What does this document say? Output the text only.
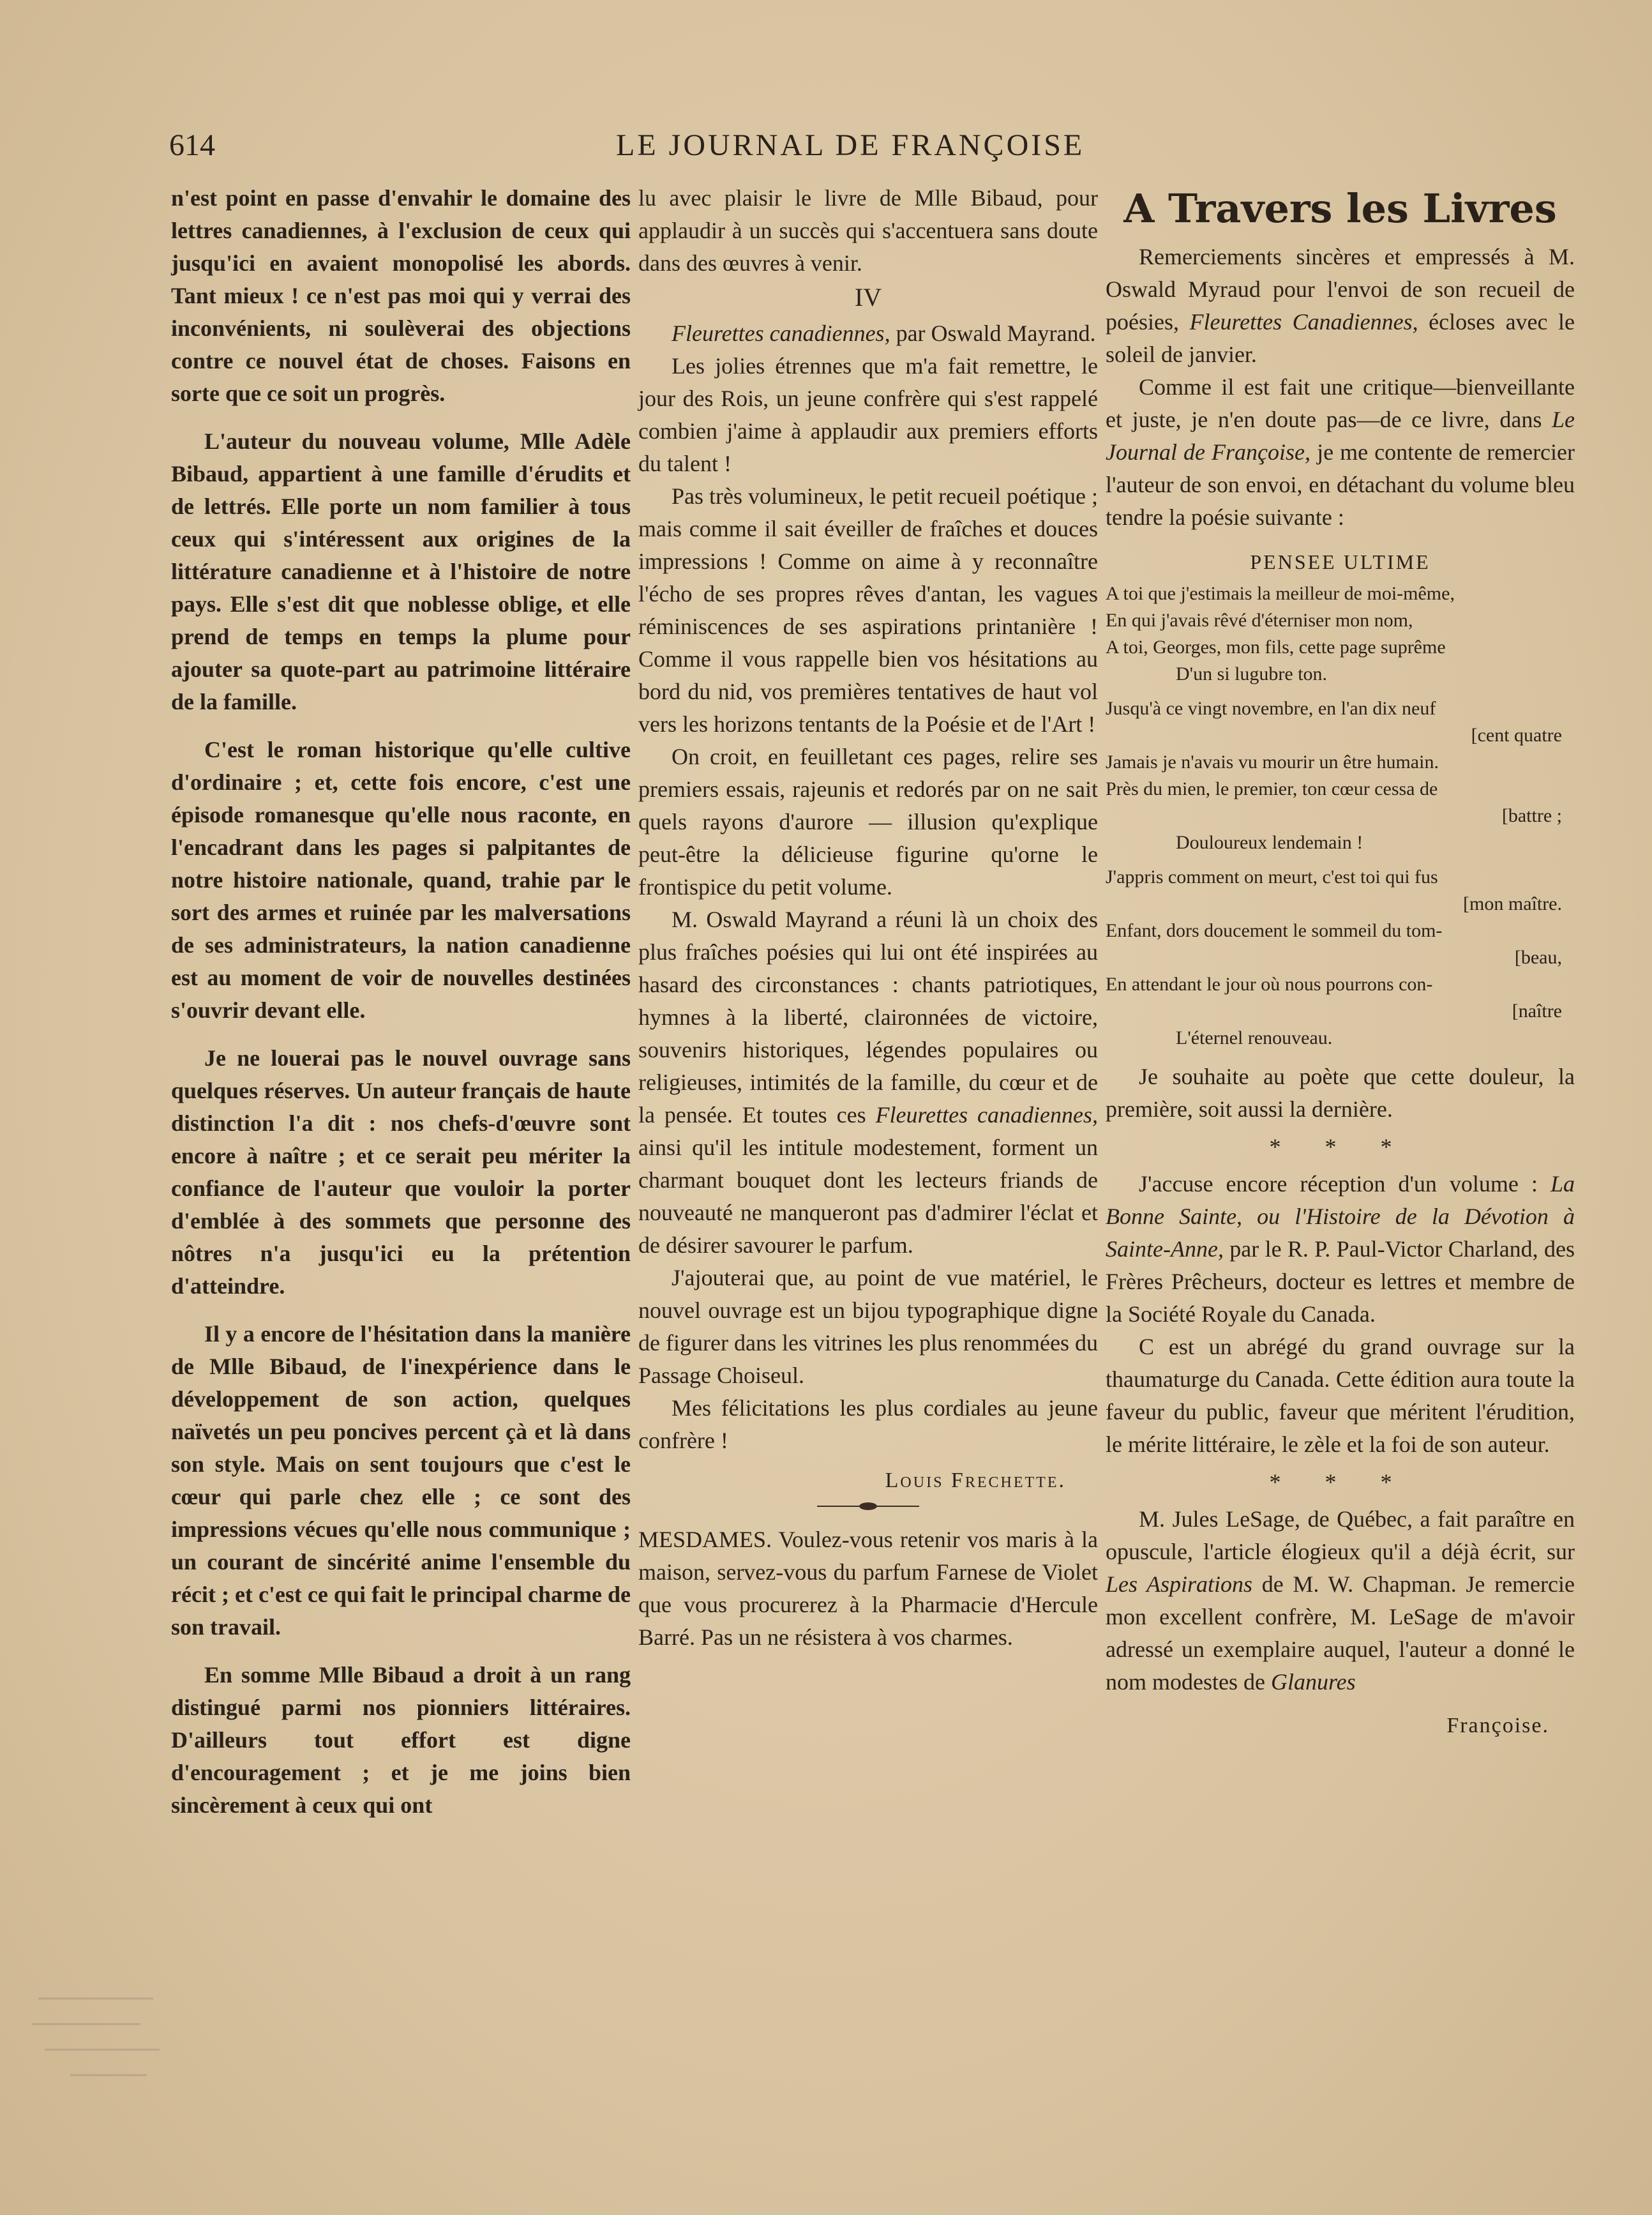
614	LE JOURNAL DE FRANÇOISE

n'est point en passe d'envahir le domaine des lettres canadiennes, à l'exclusion de ceux qui jusqu'ici en avaient monopolisé les abords. Tant mieux ! ce n'est pas moi qui y verrai des inconvénients, ni soulèverai des objections contre ce nouvel état de choses. Faisons en sorte que ce soit un progrès.

L'auteur du nouveau volume, Mlle Adèle Bibaud, appartient à une famille d'érudits et de lettrés. Elle porte un nom familier à tous ceux qui s'intéressent aux origines de la littérature canadienne et à l'histoire de notre pays. Elle s'est dit que noblesse oblige, et elle prend de temps en temps la plume pour ajouter sa quote-part au patrimoine littéraire de la famille.

C'est le roman historique qu'elle cultive d'ordinaire ; et, cette fois encore, c'est une épisode romanesque qu'elle nous raconte, en l'encadrant dans les pages si palpitantes de notre histoire nationale, quand, trahie par le sort des armes et ruinée par les malversations de ses administrateurs, la nation canadienne est au moment de voir de nouvelles destinées s'ouvrir devant elle.

Je ne louerai pas le nouvel ouvrage sans quelques réserves. Un auteur français de haute distinction l'a dit : nos chefs-d'œuvre sont encore à naître ; et ce serait peu mériter la confiance de l'auteur que vouloir la porter d'emblée à des sommets que personne des nôtres n'a jusqu'ici eu la prétention d'atteindre.

Il y a encore de l'hésitation dans la manière de Mlle Bibaud, de l'inexpérience dans le développement de son action, quelques naïvetés un peu poncives percent çà et là dans son style. Mais on sent toujours que c'est le cœur qui parle chez elle ; ce sont des impressions vécues qu'elle nous communique ; un courant de sincérité anime l'ensemble du récit ; et c'est ce qui fait le principal charme de son travail.

En somme Mlle Bibaud a droit à un rang distingué parmi nos pionniers littéraires. D'ailleurs tout effort est digne d'encouragement ; et je me joins bien sincèrement à ceux qui ont

lu avec plaisir le livre de Mlle Bibaud, pour applaudir à un succès qui s'accentuera sans doute dans des œuvres à venir.

IV

Fleurettes canadiennes, par Oswald Mayrand.

Les jolies étrennes que m'a fait remettre, le jour des Rois, un jeune confrère qui s'est rappelé combien j'aime à applaudir aux premiers efforts du talent !

Pas très volumineux, le petit recueil poétique ; mais comme il sait éveiller de fraîches et douces impressions ! Comme on aime à y reconnaître l'écho de ses propres rêves d'antan, les vagues réminiscences de ses aspirations printanière ! Comme il vous rappelle bien vos hésitations au bord du nid, vos premières tentatives de haut vol vers les horizons tentants de la Poésie et de l'Art !

On croit, en feuilletant ces pages, relire ses premiers essais, rajeunis et redorés par on ne sait quels rayons d'aurore — illusion qu'explique peut-être la délicieuse figurine qu'orne le frontispice du petit volume.

M. Oswald Mayrand a réuni là un choix des plus fraîches poésies qui lui ont été inspirées au hasard des circonstances : chants patriotiques, hymnes à la liberté, claironnées de victoire, souvenirs historiques, légendes populaires ou religieuses, intimités de la famille, du cœur et de la pensée. Et toutes ces Fleurettes canadiennes, ainsi qu'il les intitule modestement, forment un charmant bouquet dont les lecteurs friands de nouveauté ne manqueront pas d'admirer l'éclat et de désirer savourer le parfum.

J'ajouterai que, au point de vue matériel, le nouvel ouvrage est un bijou typographique digne de figurer dans les vitrines les plus renommées du Passage Choiseul.

Mes félicitations les plus cordiales au jeune confrère !

Louis Frechette.

MESDAMES. Voulez-vous retenir vos maris à la maison, servez-vous du parfum Farnese de Violet que vous procurerez à la Pharmacie d'Hercule Barré. Pas un ne résistera à vos charmes.

A Travers les Livres

Remerciements sincères et empressés à M. Oswald Myraud pour l'envoi de son recueil de poésies, Fleurettes Canadiennes, écloses avec le soleil de janvier.

Comme il est fait une critique—bienveillante et juste, je n'en doute pas—de ce livre, dans Le Journal de Françoise, je me contente de remercier l'auteur de son envoi, en détachant du volume bleu tendre la poésie suivante :

PENSEE ULTIME

A toi que j'estimais la meilleur de moi-même,

En qui j'avais rêvé d'éterniser mon nom,

A toi, Georges, mon fils, cette page suprême

D'un si lugubre ton.

Jusqu'à ce vingt novembre, en l'an dix neuf

[cent quatre

Jamais je n'avais vu mourir un être humain.

Près du mien, le premier, ton cœur cessa de

[battre ;

Douloureux lendemain !

J'appris comment on meurt, c'est toi qui fus

[mon maître.

Enfant, dors doucement le sommeil du tom-

[beau,

En attendant le jour où nous pourrons con-

[naître

L'éternel renouveau.

Je souhaite au poète que cette douleur, la première, soit aussi la dernière.

* * *

J'accuse encore réception d'un volume : La Bonne Sainte, ou l'Histoire de la Dévotion à Sainte-Anne, par le R. P. Paul-Victor Charland, des Frères Prêcheurs, docteur es lettres et membre de la Société Royale du Canada.

C est un abrégé du grand ouvrage sur la thaumaturge du Canada. Cette édition aura toute la faveur du public, faveur que méritent l'érudition, le mérite littéraire, le zèle et la foi de son auteur.

* * *

M. Jules LeSage, de Québec, a fait paraître en opuscule, l'article élogieux qu'il a déjà écrit, sur Les Aspirations de M. W. Chapman. Je remercie mon excellent confrère, M. LeSage de m'avoir adressé un exemplaire auquel, l'auteur a donné le nom modestes de Glanures

Françoise.
